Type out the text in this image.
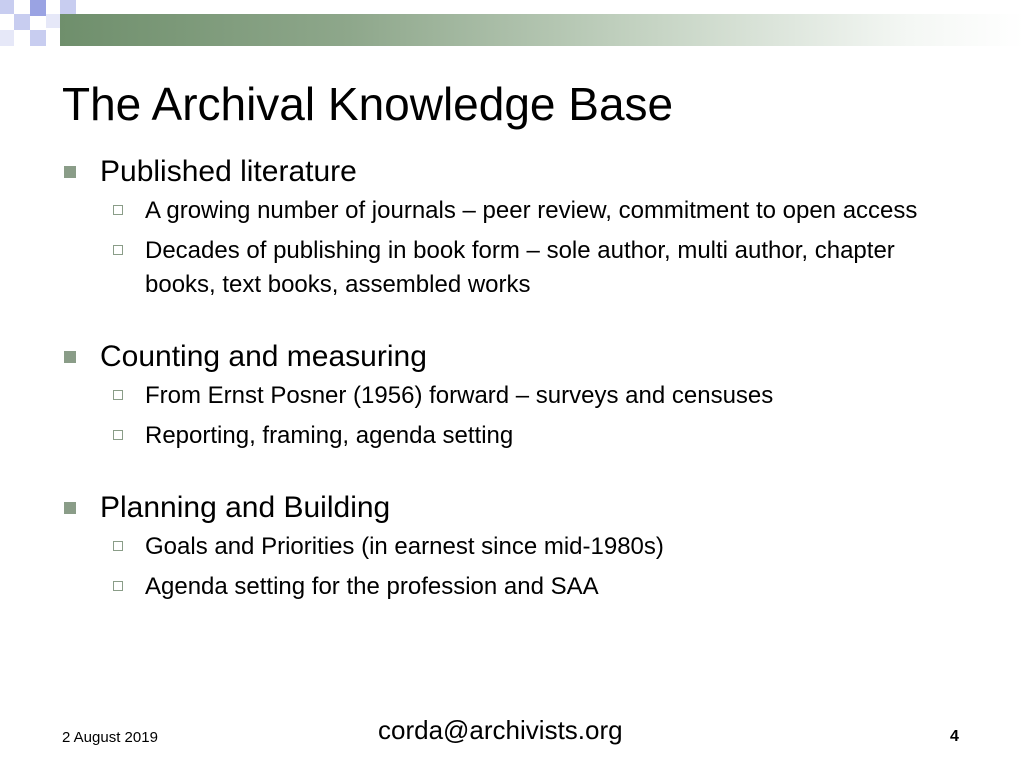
The Archival Knowledge Base
Published literature
A growing number of journals – peer review, commitment to open access
Decades of publishing in book form – sole author, multi author, chapter books, text books, assembled works
Counting and measuring
From Ernst Posner (1956) forward – surveys and censuses
Reporting, framing, agenda setting
Planning and Building
Goals and Priorities (in earnest since mid-1980s)
Agenda setting for the profession and SAA
2 August 2019	corda@archivists.org	4
